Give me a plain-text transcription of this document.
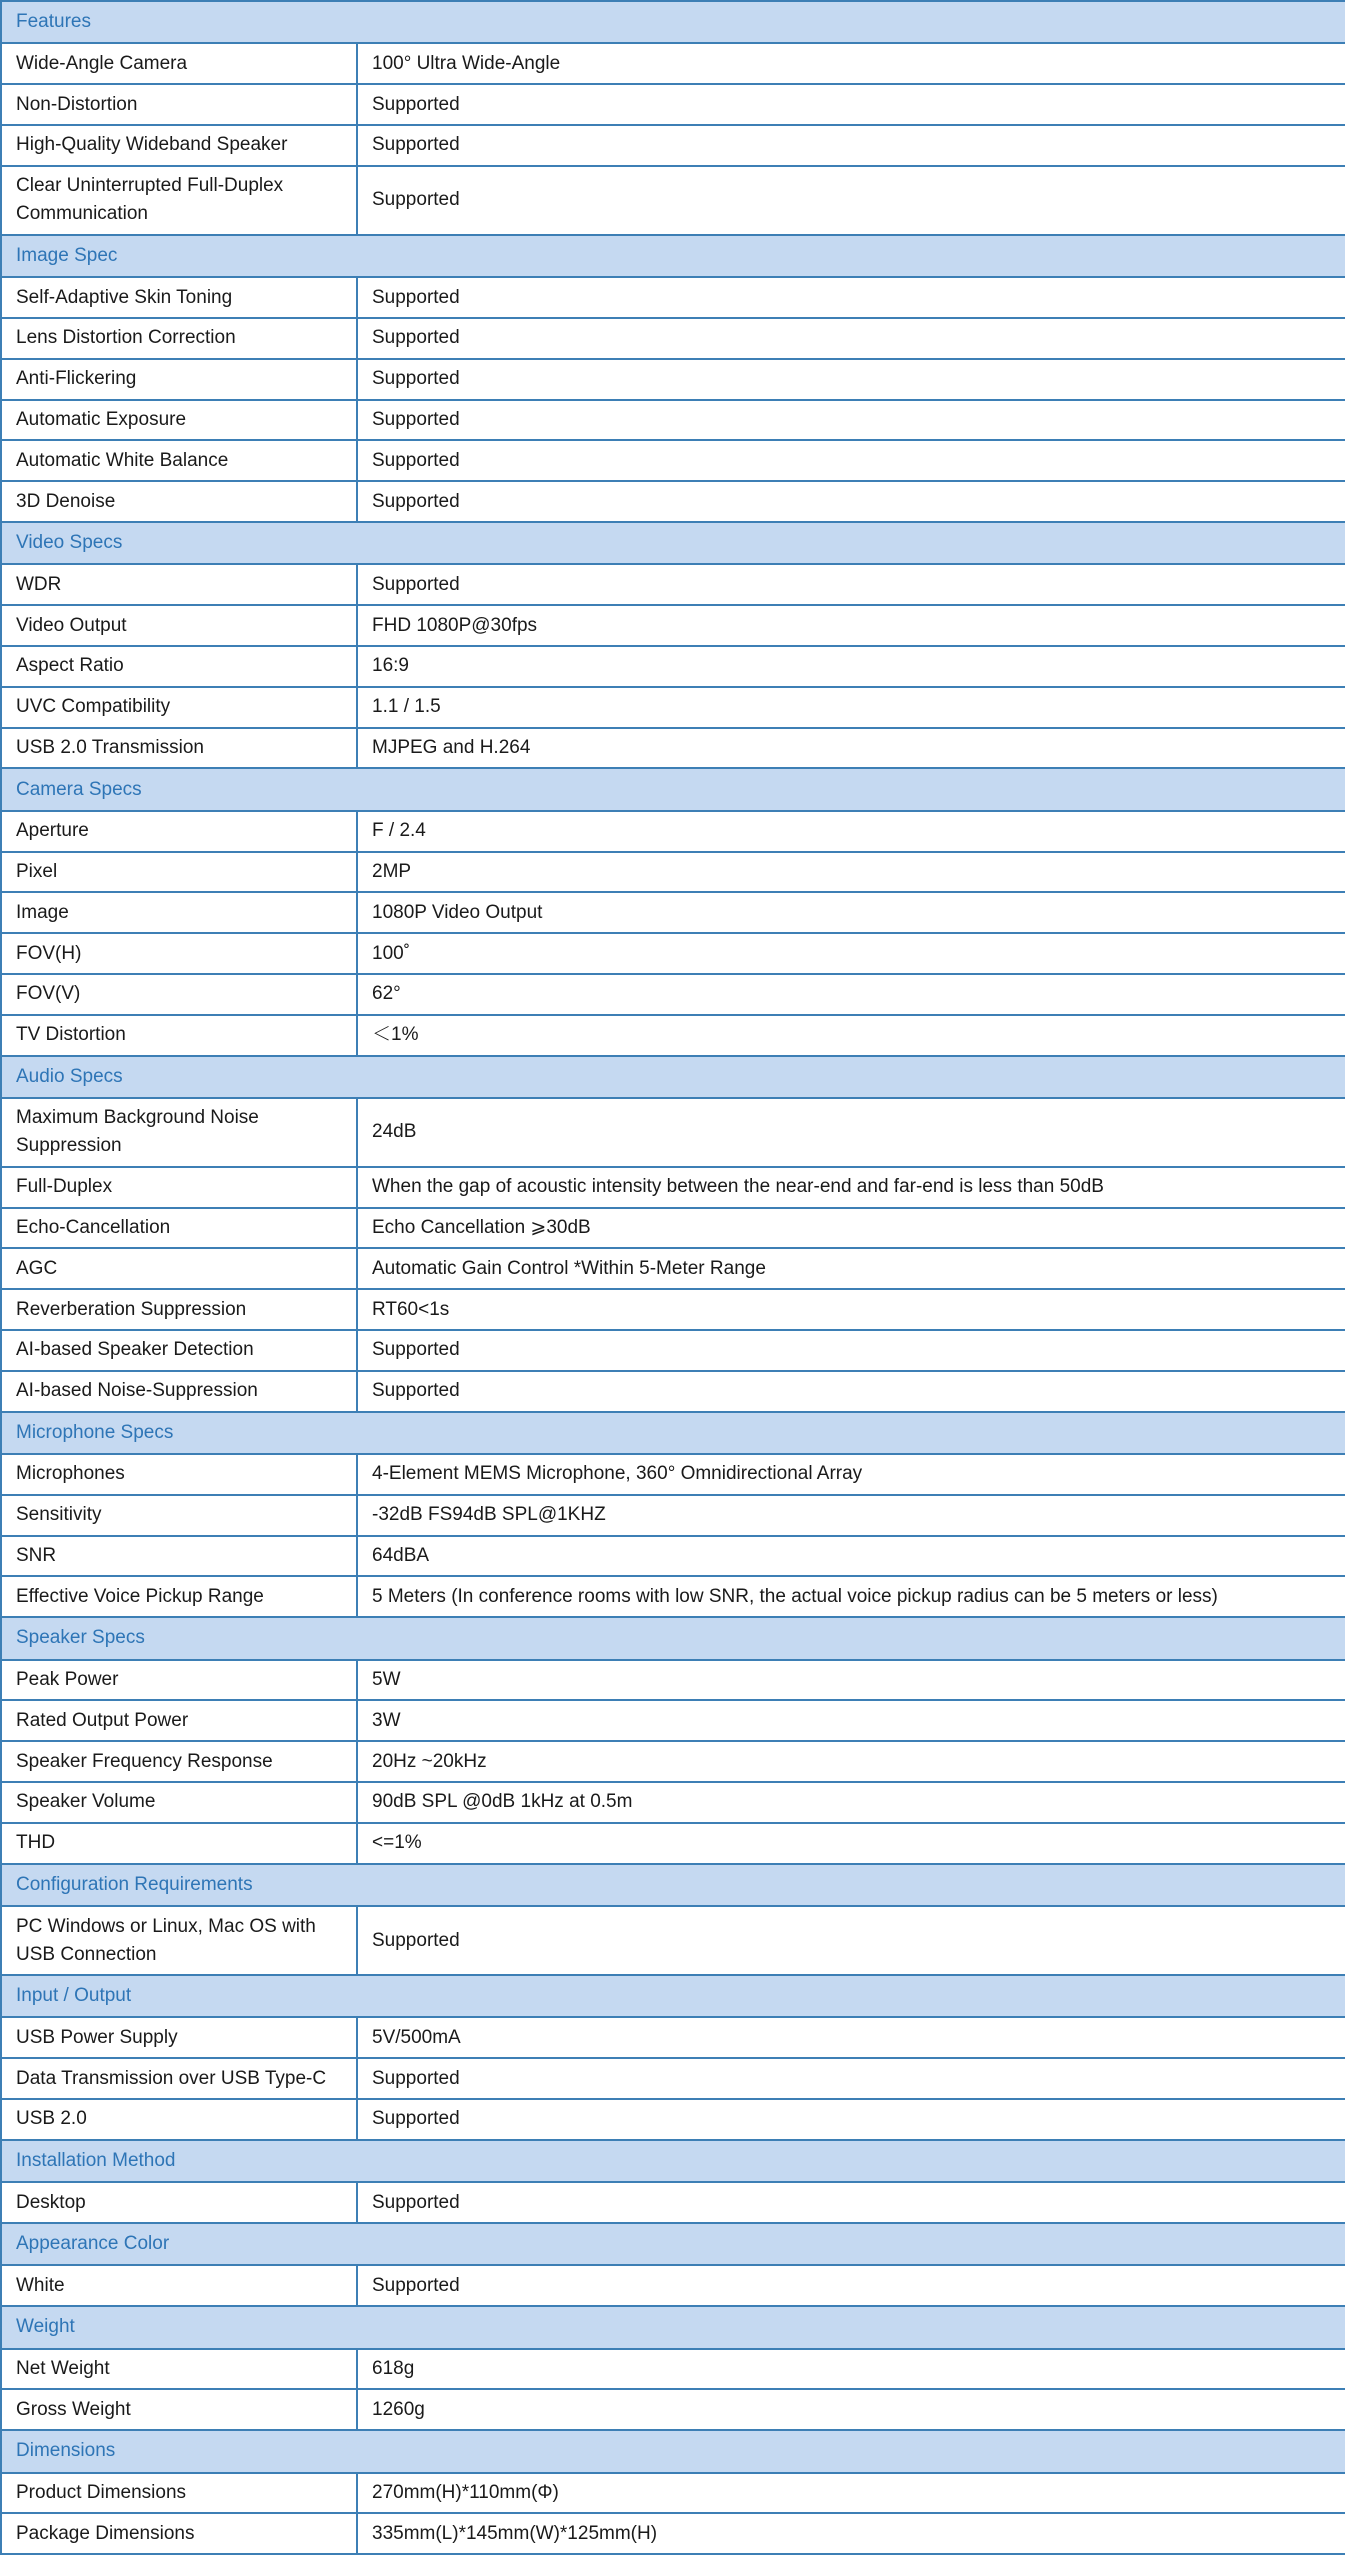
Features	
Wide-Angle Camera	100° Ultra Wide-Angle
Non-Distortion	Supported
High-Quality Wideband Speaker	Supported
Clear Uninterrupted Full-Duplex Communication	Supported
Image Spec	
Self-Adaptive Skin Toning	Supported
Lens Distortion Correction	Supported
Anti-Flickering	Supported
Automatic Exposure	Supported
Automatic White Balance	Supported
3D Denoise	Supported
Video Specs	
WDR	Supported
Video Output	FHD 1080P@30fps
Aspect Ratio	16:9
UVC Compatibility	1.1 / 1.5
USB 2.0 Transmission	MJPEG and H.264
Camera Specs	
Aperture	F / 2.4
Pixel	2MP
Image	1080P Video Output
FOV(H)	100˚
FOV(V)	62°
TV Distortion	＜1%
Audio Specs	
Maximum Background Noise Suppression	24dB
Full-Duplex	When the gap of acoustic intensity between the near-end and far-end is less than 50dB
Echo-Cancellation	Echo Cancellation ⩾30dB
AGC	Automatic Gain Control *Within 5-Meter Range
Reverberation Suppression	RT60<1s
AI-based Speaker Detection	Supported
AI-based Noise-Suppression	Supported
Microphone Specs	
Microphones	4-Element MEMS Microphone, 360° Omnidirectional Array
Sensitivity	-32dB FS94dB SPL@1KHZ
SNR	64dBA
Effective Voice Pickup Range	5 Meters (In conference rooms with low SNR, the actual voice pickup radius can be 5 meters or less)
Speaker Specs	
Peak Power	5W
Rated Output Power	3W
Speaker Frequency Response	20Hz ~20kHz
Speaker Volume	90dB SPL @0dB 1kHz at 0.5m
THD	<=1%
Configuration Requirements	
PC Windows or Linux, Mac OS with USB Connection	Supported
Input / Output	
USB Power Supply	5V/500mA
Data Transmission over USB Type-C	Supported
USB 2.0	Supported
Installation Method	
Desktop	Supported
Appearance Color	
White	Supported
Weight	
Net Weight	618g
Gross Weight	1260g
Dimensions	
Product Dimensions	270mm(H)*110mm(Φ)
Package Dimensions	335mm(L)*145mm(W)*125mm(H)
